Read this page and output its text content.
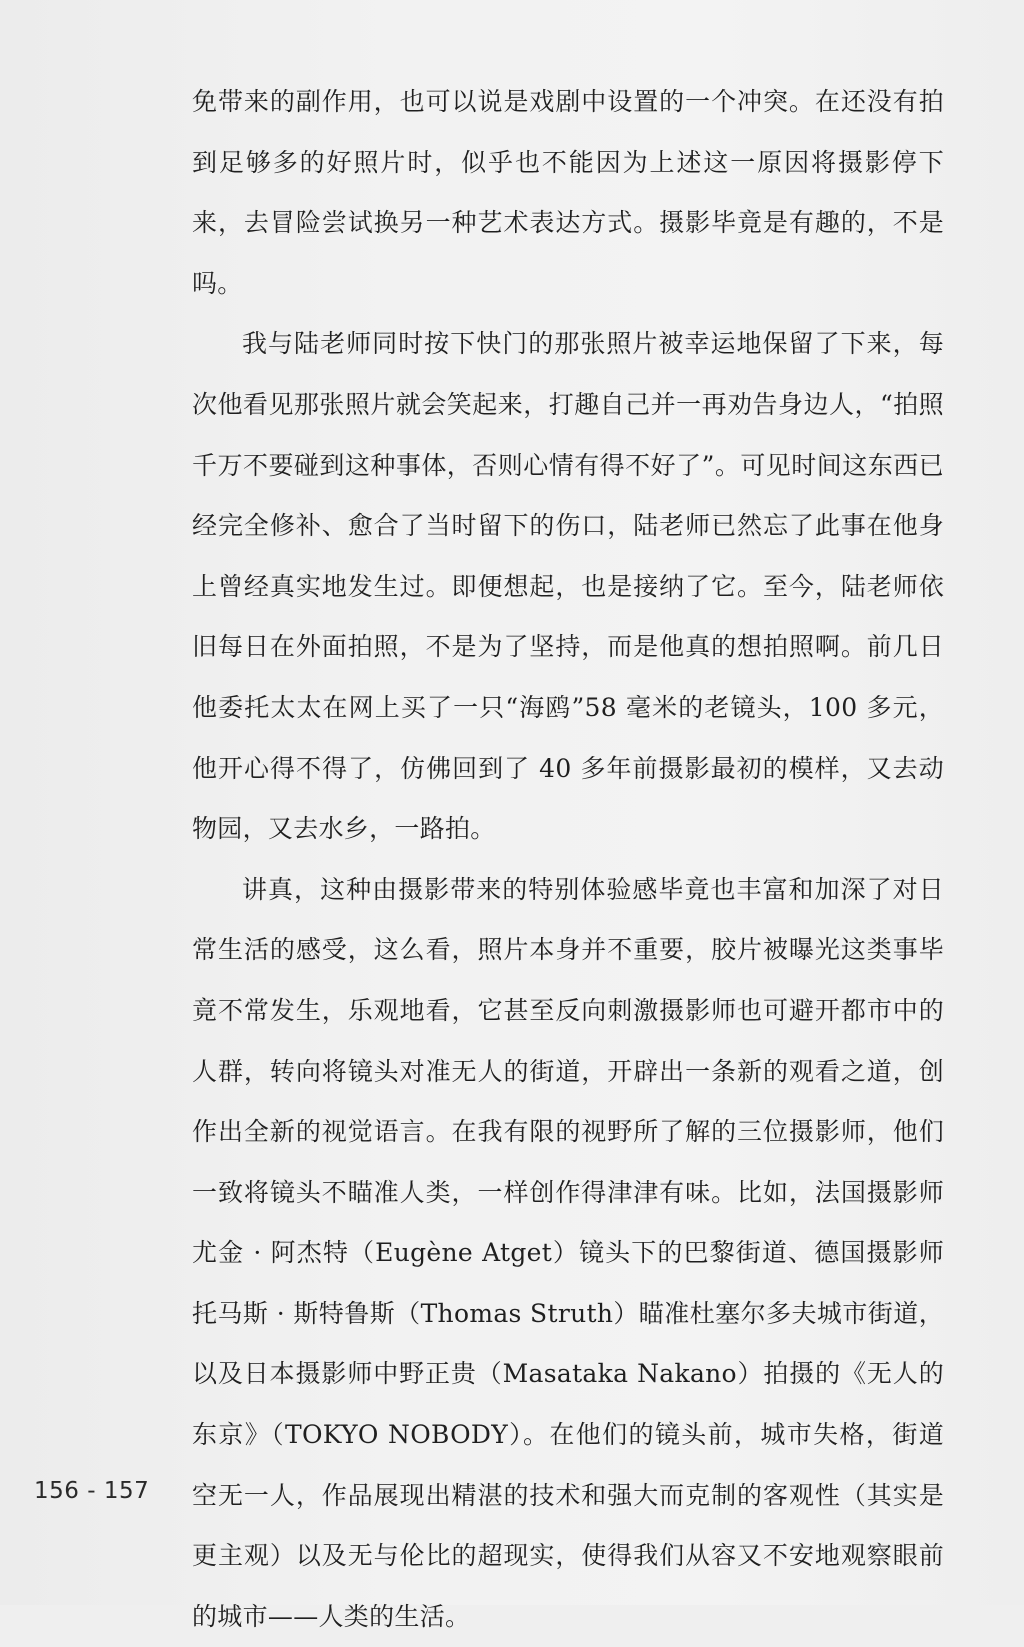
免带来的副作用，也可以说是戏剧中设置的一个冲突。在还没有拍到足够多的好照片时，似乎也不能因为上述这一原因将摄影停下来，去冒险尝试换另一种艺术表达方式。摄影毕竟是有趣的，不是吗。

我与陆老师同时按下快门的那张照片被幸运地保留了下来，每次他看见那张照片就会笑起来，打趣自己并一再劝告身边人，“拍照千万不要碰到这种事体，否则心情有得不好了”。可见时间这东西已经完全修补、愈合了当时留下的伤口，陆老师已然忘了此事在他身上曾经真实地发生过。即便想起，也是接纳了它。至今，陆老师依旧每日在外面拍照，不是为了坚持，而是他真的想拍照啊。前几日他委托太太在网上买了一只“海鸥”58 毫米的老镜头，100 多元，他开心得不得了，仿佛回到了 40 多年前摄影最初的模样，又去动物园，又去水乡，一路拍。

讲真，这种由摄影带来的特别体验感毕竟也丰富和加深了对日常生活的感受，这么看，照片本身并不重要，胶片被曝光这类事毕竟不常发生，乐观地看，它甚至反向刺激摄影师也可避开都市中的人群，转向将镜头对准无人的街道，开辟出一条新的观看之道，创作出全新的视觉语言。在我有限的视野所了解的三位摄影师，他们一致将镜头不瞄准人类，一样创作得津津有味。比如，法国摄影师尤金 · 阿杰特（Eugène Atget）镜头下的巴黎街道、德国摄影师托马斯 · 斯特鲁斯（Thomas Struth）瞄准杜塞尔多夫城市街道，以及日本摄影师中野正贵（Masataka Nakano）拍摄的《无人的东京》（TOKYO NOBODY）。在他们的镜头前，城市失格，街道空无一人，作品展现出精湛的技术和强大而克制的客观性（其实是更主观）以及无与伦比的超现实，使得我们从容又不安地观察眼前的城市——人类的生活。

156 - 157
